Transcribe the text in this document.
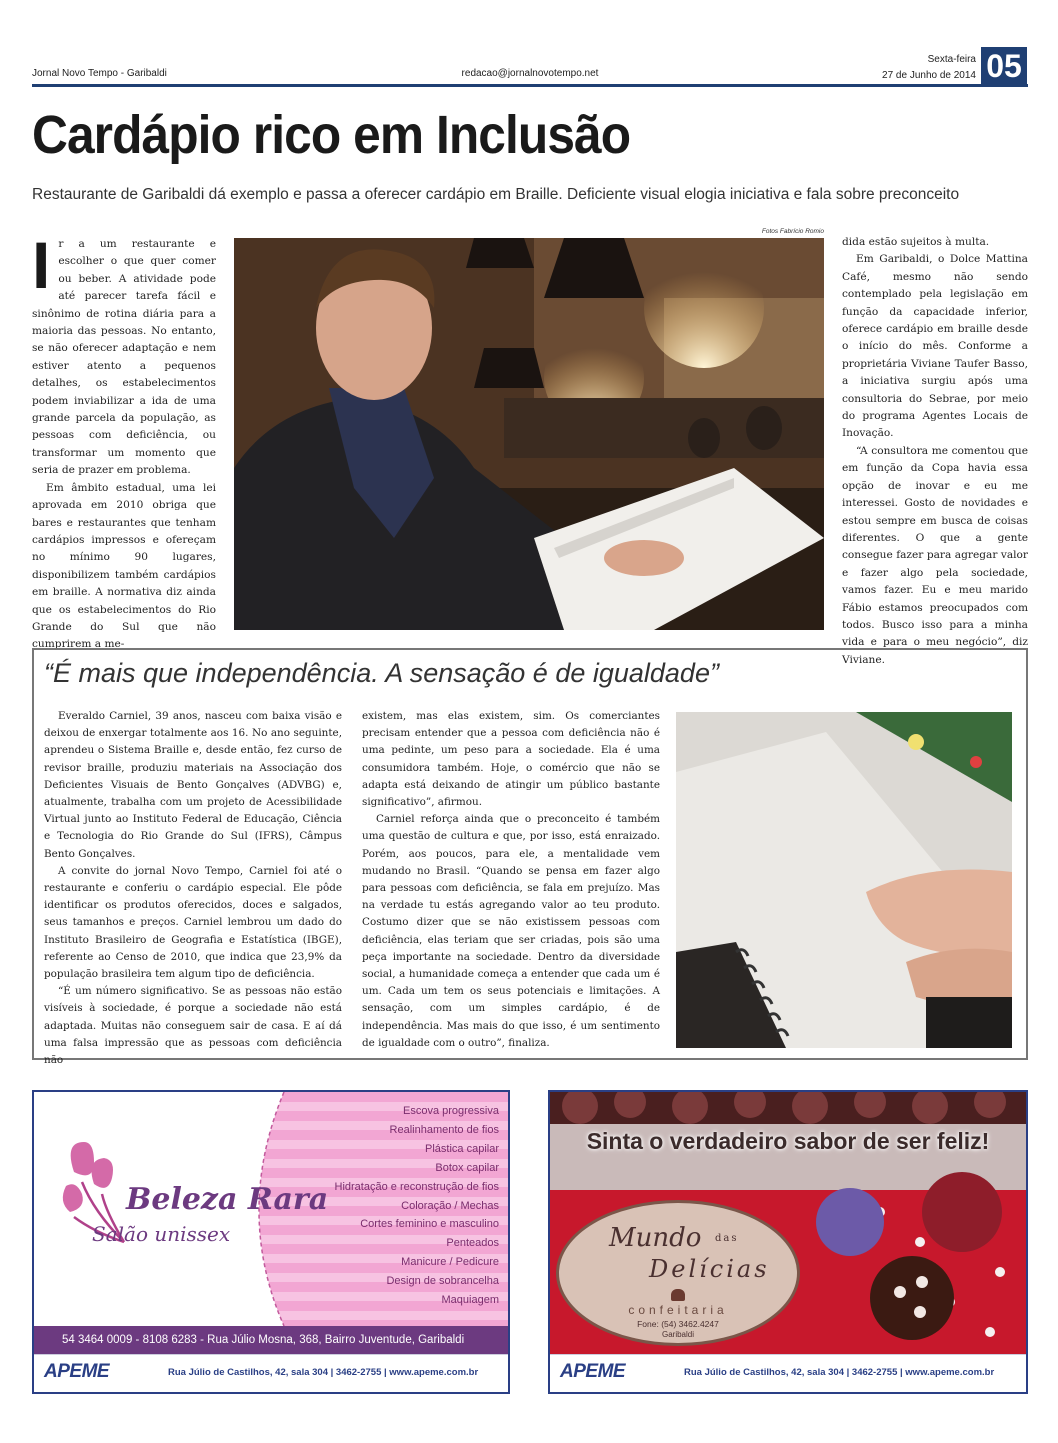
Jornal Novo Tempo - Garibaldi	redacao@jornalnovotempo.net
Sexta-feira
27 de Junho de 2014 05
Cardápio rico em Inclusão
Restaurante de Garibaldi dá exemplo e passa a oferecer cardápio em Braille. Deficiente visual elogia iniciativa e fala sobre preconceito

Ir a um restaurante e escolher o que quer comer ou beber. A atividade pode até parecer tarefa fácil e sinônimo de rotina diária para a maioria das pessoas. No entanto, se não oferecer adaptação e nem estiver atento a pequenos detalhes, os estabelecimentos podem inviabilizar a ida de uma grande parcela da população, as pessoas com deficiência, ou transformar um momento que seria de prazer em problema.

Em âmbito estadual, uma lei aprovada em 2010 obriga que bares e restaurantes que tenham cardápios impressos e ofereçam no mínimo 90 lugares, disponibilizem também cardápios em braille. A normativa diz ainda que os estabelecimentos do Rio Grande do Sul que não cumprirem a me-

Fotos Fabrício Romio

dida estão sujeitos à multa.

Em Garibaldi, o Dolce Mattina Café, mesmo não sendo contemplado pela legislação em função da capacidade inferior, oferece cardápio em braille desde o início do mês. Conforme a proprietária Viviane Taufer Basso, a iniciativa surgiu após uma consultoria do Sebrae, por meio do programa Agentes Locais de Inovação.

“A consultora me comentou que em função da Copa havia essa opção de inovar e eu me interessei. Gosto de novidades e estou sempre em busca de coisas diferentes. O que a gente consegue fazer para agregar valor e fazer algo pela sociedade, vamos fazer. Eu e meu marido Fábio estamos preocupados com todos. Busco isso para a minha vida e para o meu negócio”, diz Viviane.

“É mais que independência. A sensação é de igualdade”

Everaldo Carniel, 39 anos, nasceu com baixa visão e deixou de enxergar totalmente aos 16. No ano seguinte, aprendeu o Sistema Braille e, desde então, fez curso de revisor braille, produziu materiais na Associação dos Deficientes Visuais de Bento Gonçalves (ADVBG) e, atualmente, trabalha com um projeto de Acessibilidade Virtual junto ao Instituto Federal de Educação, Ciência e Tecnologia do Rio Grande do Sul (IFRS), Câmpus Bento Gonçalves.

A convite do jornal Novo Tempo, Carniel foi até o restaurante e conferiu o cardápio especial. Ele pôde identificar os produtos oferecidos, doces e salgados, seus tamanhos e preços. Carniel lembrou um dado do Instituto Brasileiro de Geografia e Estatística (IBGE), referente ao Censo de 2010, que indica que 23,9% da população brasileira tem algum tipo de deficiência.

“É um número significativo. Se as pessoas não estão visíveis à sociedade, é porque a sociedade não está adaptada. Muitas não conseguem sair de casa. E aí dá uma falsa impressão que as pessoas com deficiência não

existem, mas elas existem, sim. Os comerciantes precisam entender que a pessoa com deficiência não é uma pedinte, um peso para a sociedade. Ela é uma consumidora também. Hoje, o comércio que não se adapta está deixando de atingir um público bastante significativo”, afirmou.

Carniel reforça ainda que o preconceito é também uma questão de cultura e que, por isso, está enraizado. Porém, aos poucos, para ele, a mentalidade vem mudando no Brasil. “Quando se pensa em fazer algo para pessoas com deficiência, se fala em prejuízo. Mas na verdade tu estás agregando valor ao teu produto. Costumo dizer que se não existissem pessoas com deficiência, elas teriam que ser criadas, pois são uma peça importante na sociedade. Dentro da diversidade social, a humanidade começa a entender que cada um é um. Cada um tem os seus potenciais e limitações. A sensação, com um simples cardápio, é de independência. Mas mais do que isso, é um sentimento de igualdade com o outro”, finaliza.

Beleza Rara
Salão unissex
Escova progressiva
Realinhamento de fios
Plástica capilar
Botox capilar
Hidratação e reconstrução de fios
Coloração / Mechas
Cortes feminino e masculino
Penteados
Manicure / Pedicure
Design de sobrancelha
Maquiagem
54 3464 0009 - 8108 6283 - Rua Júlio Mosna, 368, Bairro Juventude, Garibaldi
APEME	Rua Júlio de Castilhos, 42, sala 304 | 3462-2755 | www.apeme.com.br
Sinta o verdadeiro sabor de ser feliz!
Mundo das
Delícias
confeitaria
Fone: (54) 3462.4247
Garibaldi
APEME	Rua Júlio de Castilhos, 42, sala 304 | 3462-2755 | www.apeme.com.br
